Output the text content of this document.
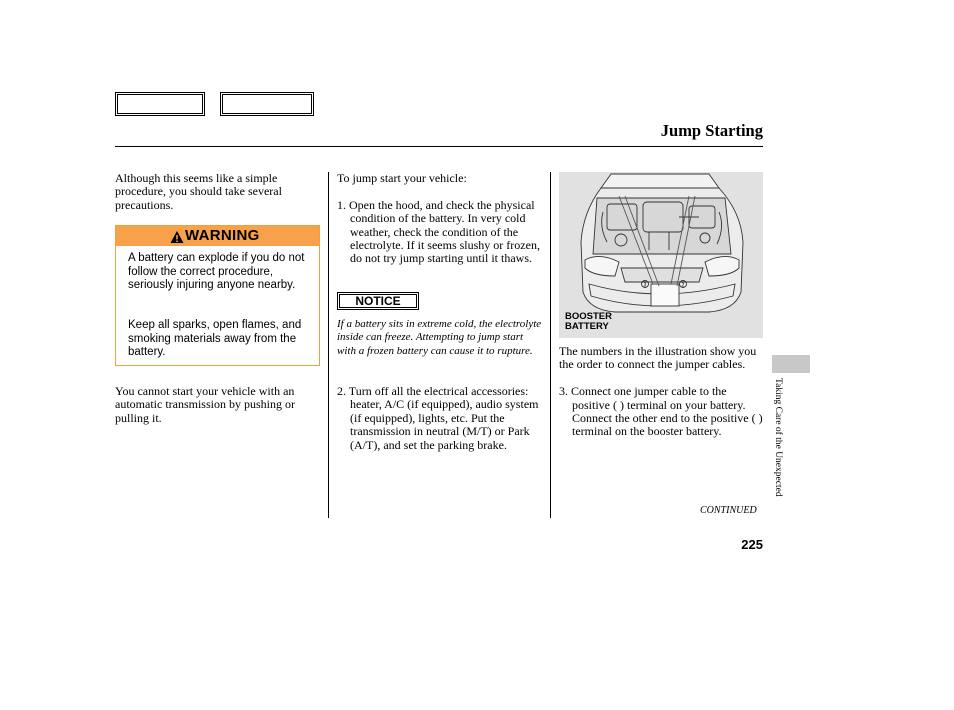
Jump Starting

Although this seems like a simple procedure, you should take several precautions.

WARNING
A battery can explode if you do not follow the correct procedure, seriously injuring anyone nearby.
Keep all sparks, open flames, and smoking materials away from the battery.

You cannot start your vehicle with an automatic transmission by pushing or pulling it.

To jump start your vehicle:

1. Open the hood, and check the physical condition of the battery. In very cold weather, check the condition of the electrolyte. If it seems slushy or frozen, do not try jump starting until it thaws.

NOTICE

If a battery sits in extreme cold, the electrolyte inside can freeze. Attempting to jump start with a frozen battery can cause it to rupture.

2. Turn off all the electrical accessories: heater, A/C (if equipped), audio system (if equipped), lights, etc. Put the transmission in neutral (M/T) or Park (A/T), and set the parking brake.

3	2
BOOSTER
BATTERY

The numbers in the illustration show you the order to connect the jumper cables.

3. Connect one jumper cable to the positive ( ) terminal on your battery. Connect the other end to the positive ( ) terminal on the booster battery.

CONTINUED
Taking Care of the Unexpected
225
